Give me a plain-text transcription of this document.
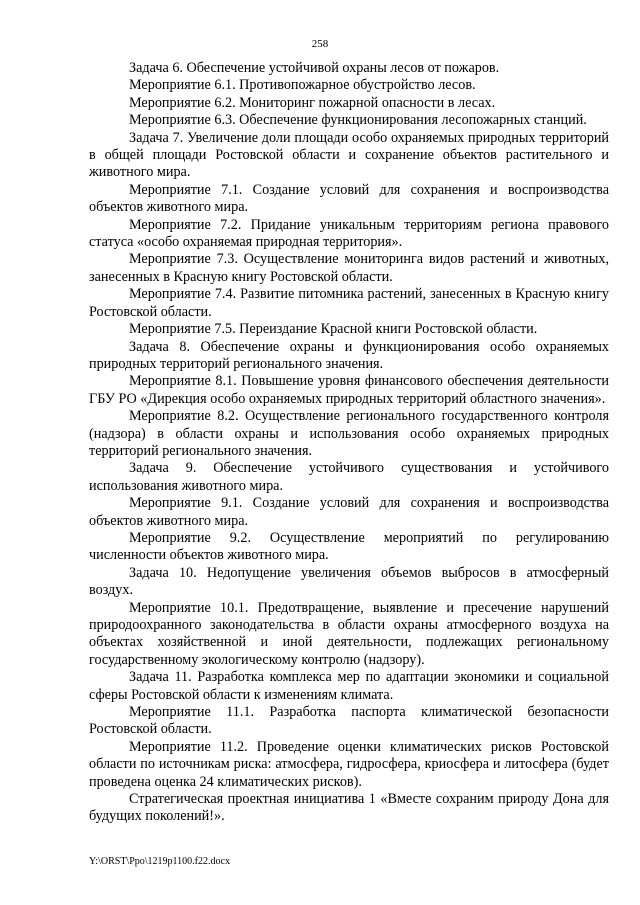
258

Задача 6. Обеспечение устойчивой охраны лесов от пожаров.

Мероприятие 6.1. Противопожарное обустройство лесов.

Мероприятие 6.2. Мониторинг пожарной опасности в лесах.

Мероприятие 6.3. Обеспечение функционирования лесопожарных станций.

Задача 7. Увеличение доли площади особо охраняемых природных территорий в общей площади Ростовской области и сохранение объектов растительного и животного мира.

Мероприятие 7.1. Создание условий для сохранения и воспроизводства объектов животного мира.

Мероприятие 7.2. Придание уникальным территориям региона правового статуса «особо охраняемая природная территория».

Мероприятие 7.3. Осуществление мониторинга видов растений и животных, занесенных в Красную книгу Ростовской области.

Мероприятие 7.4. Развитие питомника растений, занесенных в Красную книгу Ростовской области.

Мероприятие 7.5. Переиздание Красной книги Ростовской области.

Задача 8. Обеспечение охраны и функционирования особо охраняемых природных территорий регионального значения.

Мероприятие 8.1. Повышение уровня финансового обеспечения деятельности ГБУ РО «Дирекция особо охраняемых природных территорий областного значения».

Мероприятие 8.2. Осуществление регионального государственного контроля (надзора) в области охраны и использования особо охраняемых природных территорий регионального значения.

Задача 9. Обеспечение устойчивого существования и устойчивого использования животного мира.

Мероприятие 9.1. Создание условий для сохранения и воспроизводства объектов животного мира.

Мероприятие 9.2. Осуществление мероприятий по регулированию численности объектов животного мира.

Задача 10. Недопущение увеличения объемов выбросов в атмосферный воздух.

Мероприятие 10.1. Предотвращение, выявление и пресечение нарушений природоохранного законодательства в области охраны атмосферного воздуха на объектах хозяйственной и иной деятельности, подлежащих региональному государственному экологическому контролю (надзору).

Задача 11. Разработка комплекса мер по адаптации экономики и социальной сферы Ростовской области к изменениям климата.

Мероприятие 11.1. Разработка паспорта климатической безопасности Ростовской области.

Мероприятие 11.2. Проведение оценки климатических рисков Ростовской области по источникам риска: атмосфера, гидросфера, криосфера и литосфера (будет проведена оценка 24 климатических рисков).

Стратегическая проектная инициатива 1 «Вместе сохраним природу Дона для будущих поколений!».

Y:\ORST\Ppo\1219p1100.f22.docx
